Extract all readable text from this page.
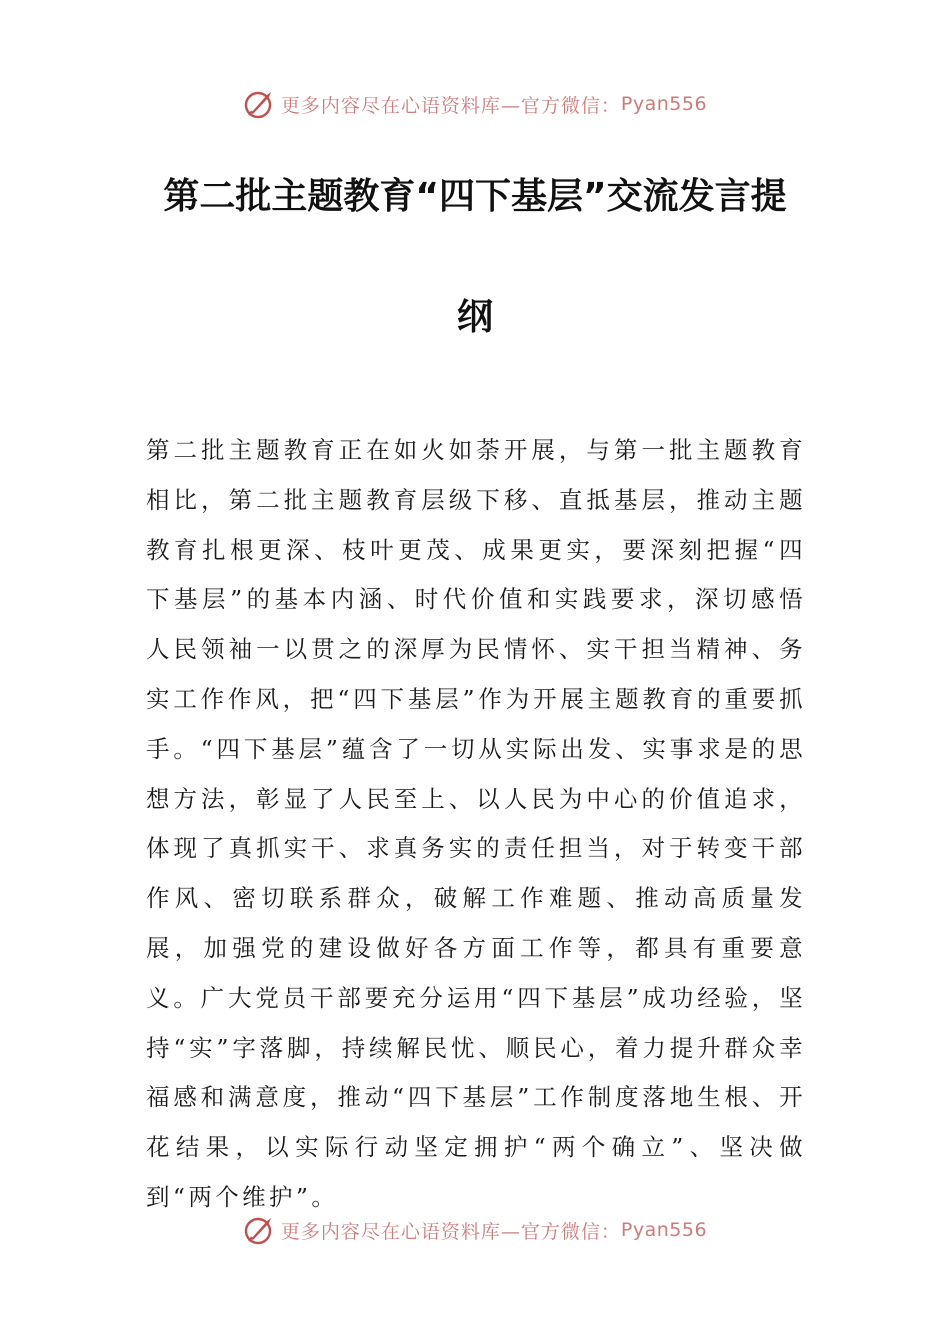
更多内容尽在心语资料库—官方微信： Pyan556
第二批主题教育“四下基层”交流发言提
纲

第二批主题教育正在如火如荼开展，与第一批主题教育相比，第二批主题教育层级下移、直抵基层，推动主题教育扎根更深、枝叶更茂、成果更实，要深刻把握“四下基层”的基本内涵、时代价值和实践要求，深切感悟人民领袖一以贯之的深厚为民情怀、实干担当精神、务实工作作风，把“四下基层”作为开展主题教育的重要抓手。“四下基层”蕴含了一切从实际出发、实事求是的思想方法，彰显了人民至上、以人民为中心的价值追求，体现了真抓实干、求真务实的责任担当，对于转变干部作风、密切联系群众，破解工作难题、推动高质量发展，加强党的建设做好各方面工作等，都具有重要意义。广大党员干部要充分运用“四下基层”成功经验，坚持“实”字落脚，持续解民忧、顺民心，着力提升群众幸福感和满意度，推动“四下基层”工作制度落地生根、开花结果，以实际行动坚定拥护“两个确立”、坚决做到“两个维护”。

更多内容尽在心语资料库—官方微信： Pyan556
